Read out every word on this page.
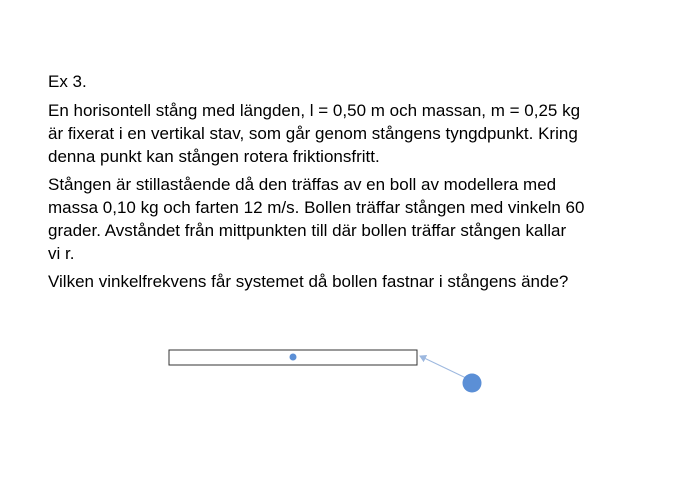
Ex 3.

En horisontell stång med längden, l = 0,50 m och massan, m = 0,25 kg
är fixerat i en vertikal stav, som går genom stångens tyngdpunkt. Kring
denna punkt kan stången rotera friktionsfritt.

Stången är stillastående då den träffas av en boll av modellera med
massa 0,10 kg och farten 12 m/s. Bollen träffar stången med vinkeln 60
grader. Avståndet från mittpunkten till där bollen träffar stången kallar
vi r.

Vilken vinkelfrekvens får systemet då bollen fastnar i stångens ände?
